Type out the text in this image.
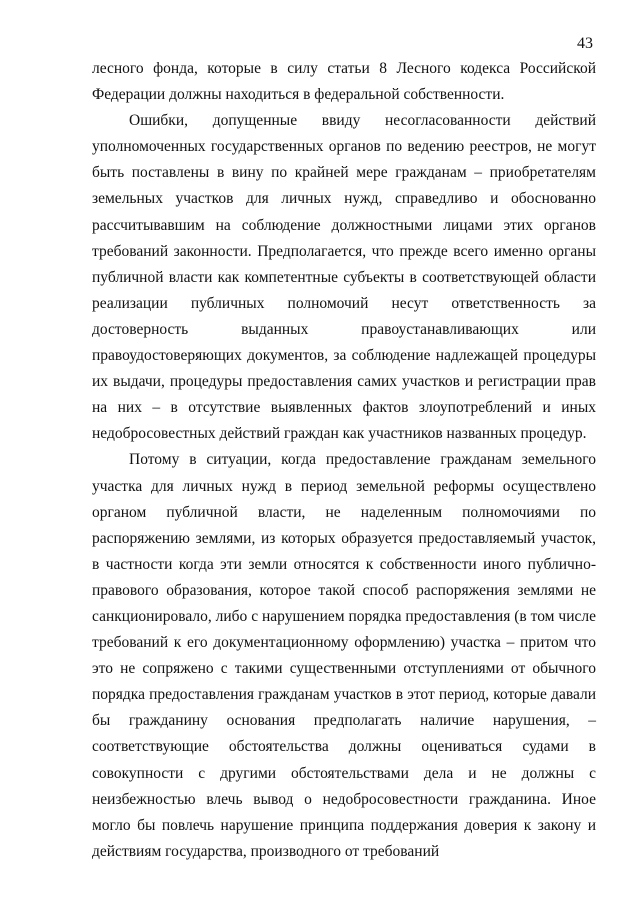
43

лесного фонда, которые в силу статьи 8 Лесного кодекса Российской Федерации должны находиться в федеральной собственности.

Ошибки, допущенные ввиду несогласованности действий уполномоченных государственных органов по ведению реестров, не могут быть поставлены в вину по крайней мере гражданам – приобретателям земельных участков для личных нужд, справедливо и обоснованно рассчитывавшим на соблюдение должностными лицами этих органов требований законности. Предполагается, что прежде всего именно органы публичной власти как компетентные субъекты в соответствующей области реализации публичных полномочий несут ответственность за достоверность выданных правоустанавливающих или правоудостоверяющих документов, за соблюдение надлежащей процедуры их выдачи, процедуры предоставления самих участков и регистрации прав на них – в отсутствие выявленных фактов злоупотреблений и иных недобросовестных действий граждан как участников названных процедур.

Потому в ситуации, когда предоставление гражданам земельного участка для личных нужд в период земельной реформы осуществлено органом публичной власти, не наделенным полномочиями по распоряжению землями, из которых образуется предоставляемый участок, в частности когда эти земли относятся к собственности иного публично-правового образования, которое такой способ распоряжения землями не санкционировало, либо с нарушением порядка предоставления (в том числе требований к его документационному оформлению) участка – притом что это не сопряжено с такими существенными отступлениями от обычного порядка предоставления гражданам участков в этот период, которые давали бы гражданину основания предполагать наличие нарушения, – соответствующие обстоятельства должны оцениваться судами в совокупности с другими обстоятельствами дела и не должны с неизбежностью влечь вывод о недобросовестности гражданина. Иное могло бы повлечь нарушение принципа поддержания доверия к закону и действиям государства, производного от требований
